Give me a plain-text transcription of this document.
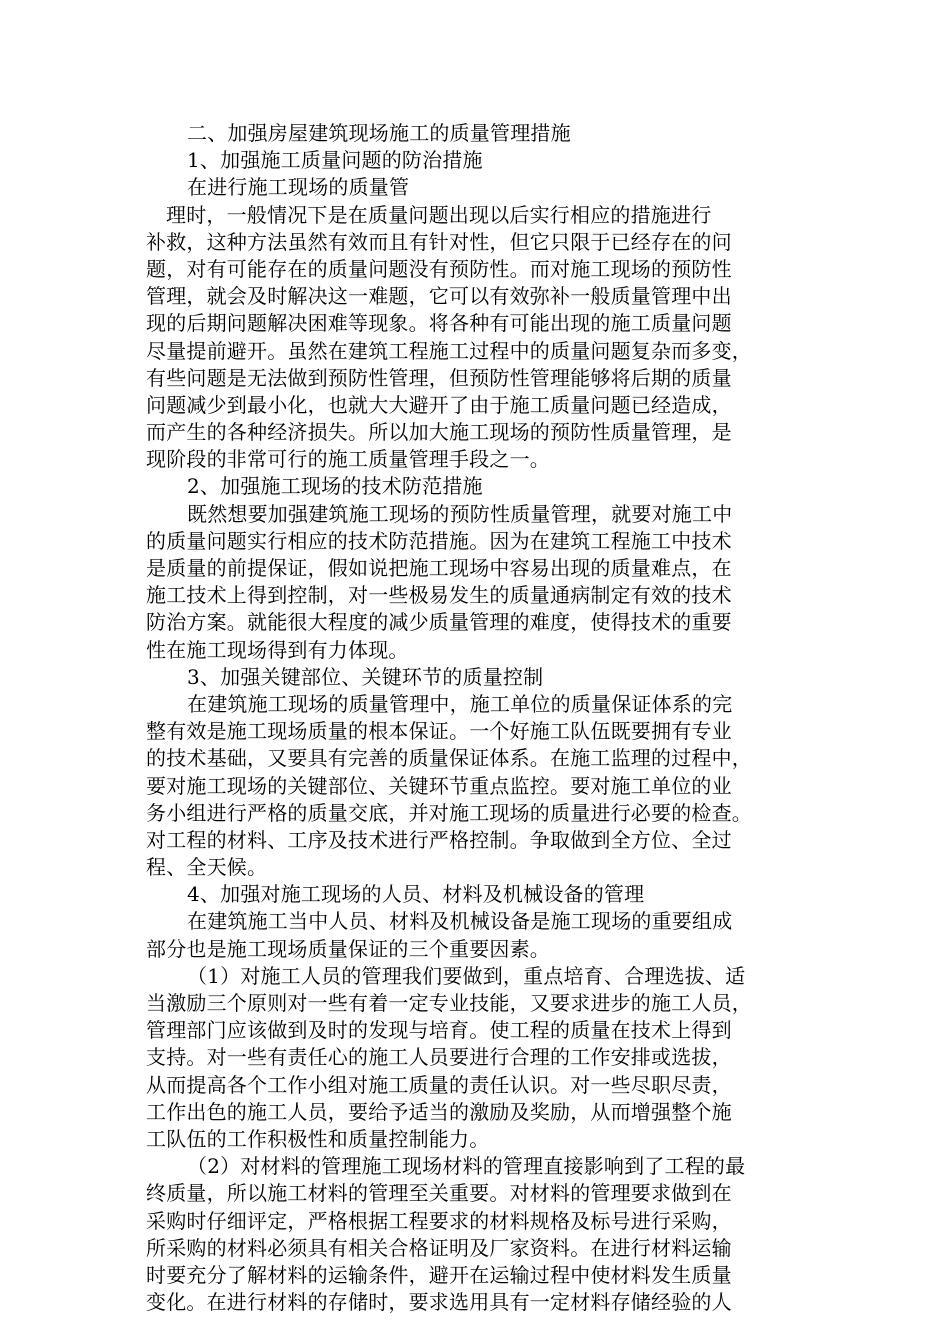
二、加强房屋建筑现场施工的质量管理措施
1、加强施工质量问题的防治措施
在进行施工现场的质量管
理时，一般情况下是在质量问题出现以后实行相应的措施进行
补救，这种方法虽然有效而且有针对性，但它只限于已经存在的问
题，对有可能存在的质量问题没有预防性。而对施工现场的预防性
管理，就会及时解决这一难题，它可以有效弥补一般质量管理中出
现的后期问题解决困难等现象。将各种有可能出现的施工质量问题
尽量提前避开。虽然在建筑工程施工过程中的质量问题复杂而多变，
有些问题是无法做到预防性管理，但预防性管理能够将后期的质量
问题减少到最小化，也就大大避开了由于施工质量问题已经造成，
而产生的各种经济损失。所以加大施工现场的预防性质量管理，是
现阶段的非常可行的施工质量管理手段之一。
2、加强施工现场的技术防范措施
既然想要加强建筑施工现场的预防性质量管理，就要对施工中
的质量问题实行相应的技术防范措施。因为在建筑工程施工中技术
是质量的前提保证，假如说把施工现场中容易出现的质量难点，在
施工技术上得到控制，对一些极易发生的质量通病制定有效的技术
防治方案。就能很大程度的减少质量管理的难度，使得技术的重要
性在施工现场得到有力体现。
3、加强关键部位、关键环节的质量控制
在建筑施工现场的质量管理中，施工单位的质量保证体系的完
整有效是施工现场质量的根本保证。一个好施工队伍既要拥有专业
的技术基础，又要具有完善的质量保证体系。在施工监理的过程中，
要对施工现场的关键部位、关键环节重点监控。要对施工单位的业
务小组进行严格的质量交底，并对施工现场的质量进行必要的检查。
对工程的材料、工序及技术进行严格控制。争取做到全方位、全过
程、全天候。
4、加强对施工现场的人员、材料及机械设备的管理
在建筑施工当中人员、材料及机械设备是施工现场的重要组成
部分也是施工现场质量保证的三个重要因素。
（1）对施工人员的管理我们要做到，重点培育、合理选拔、适
当激励三个原则对一些有着一定专业技能，又要求进步的施工人员，
管理部门应该做到及时的发现与培育。使工程的质量在技术上得到
支持。对一些有责任心的施工人员要进行合理的工作安排或选拔，
从而提高各个工作小组对施工质量的责任认识。对一些尽职尽责，
工作出色的施工人员，要给予适当的激励及奖励，从而增强整个施
工队伍的工作积极性和质量控制能力。
（2）对材料的管理施工现场材料的管理直接影响到了工程的最
终质量，所以施工材料的管理至关重要。对材料的管理要求做到在
采购时仔细评定，严格根据工程要求的材料规格及标号进行采购，
所采购的材料必须具有相关合格证明及厂家资料。在进行材料运输
时要充分了解材料的运输条件，避开在运输过程中使材料发生质量
变化。在进行材料的存储时，要求选用具有一定材料存储经验的人
